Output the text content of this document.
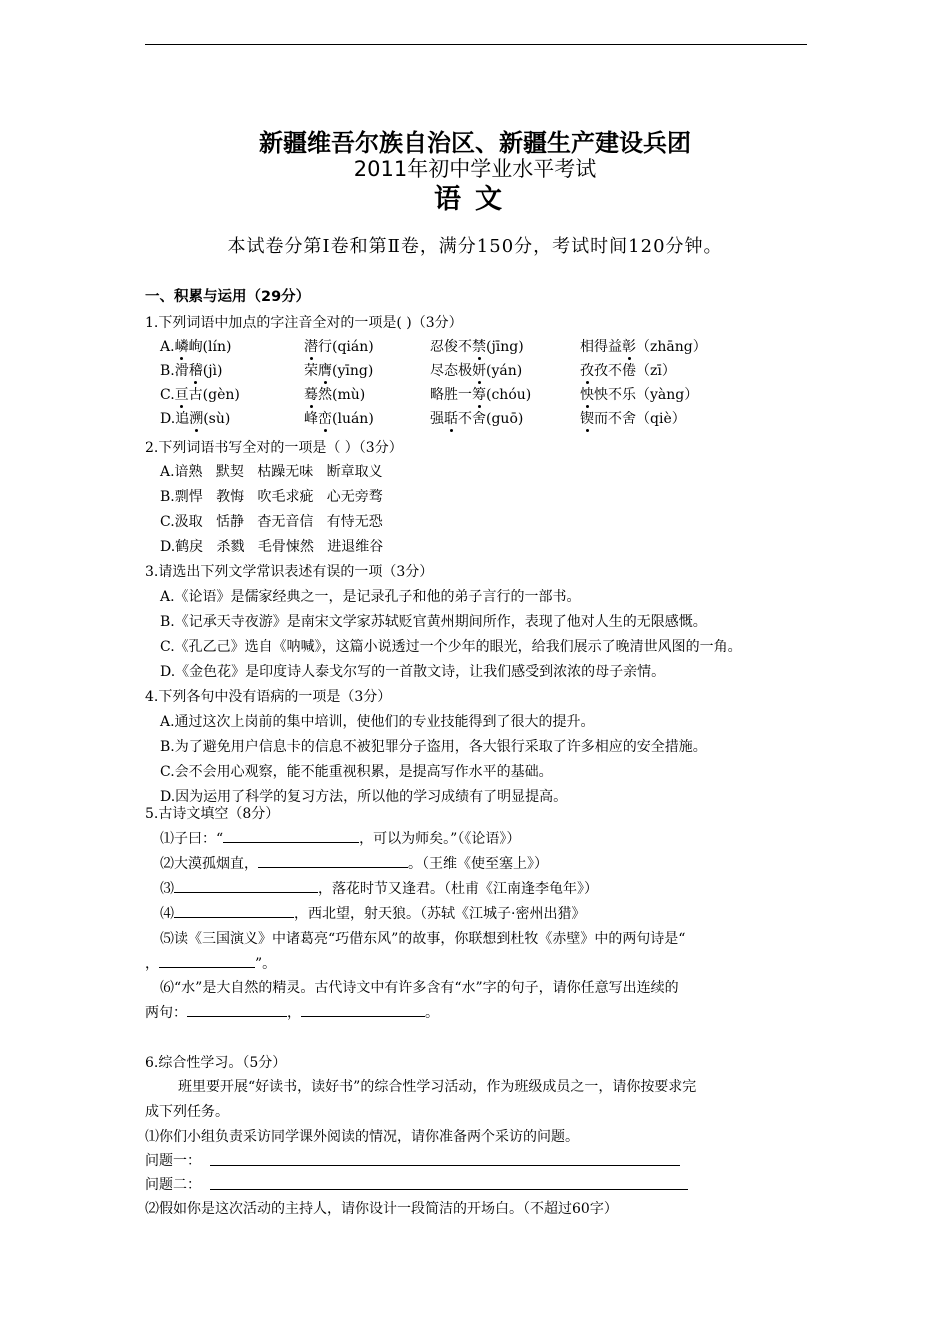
新疆维吾尔族自治区、新疆生产建设兵团
2011年初中学业水平考试
语文
本试卷分第Ⅰ卷和第Ⅱ卷，满分150分，考试时间120分钟。
一、积累与运用（29分）
1.下列词语中加点的字注音全对的一项是( )（3分）
A.嶙峋(lín)	潜行(qián)	忍俊不禁(jīng)	相得益彰（zhāng）
B.滑稽(jì)	荣膺(yīng)	尽态极妍(yán)	孜孜不倦（zī）
C.亘古(gèn)	蓦然(mù)	略胜一筹(chóu)	怏怏不乐（yàng）
D.追溯(sù)	峰峦(luán)	强聒不舍(guō)	锲而不舍（qiè）
2.下列词语书写全对的一项是（ ）（3分）
A.谙熟   默契   枯躁无味   断章取义
B.剽悍   教悔   吹毛求疵   心无旁骛
C.汲取   恬静   杳无音信   有恃无恐
D.鹤戾   杀戮   毛骨悚然   进退维谷
3.请选出下列文学常识表述有误的一项（3分）
A.《论语》是儒家经典之一，是记录孔子和他的弟子言行的一部书。
B.《记承天寺夜游》是南宋文学家苏轼贬官黄州期间所作，表现了他对人生的无限感慨。
C.《孔乙己》选自《呐喊》，这篇小说透过一个少年的眼光，给我们展示了晚清世风图的一角。
D.《金色花》是印度诗人泰戈尔写的一首散文诗，让我们感受到浓浓的母子亲情。
4.下列各句中没有语病的一项是（3分）
A.通过这次上岗前的集中培训，使他们的专业技能得到了很大的提升。
B.为了避免用户信息卡的信息不被犯罪分子盗用，各大银行采取了许多相应的安全措施。
C.会不会用心观察，能不能重视积累，是提高写作水平的基础。
D.因为运用了科学的复习方法，所以他的学习成绩有了明显提高。
5.古诗文填空（8分）
⑴子曰：“	，可以为师矣。”（《论语》）
⑵大漠孤烟直，	。（王维《使至塞上》）
⑶	，落花时节又逢君。（杜甫《江南逢李龟年》）
⑷	，西北望，射天狼。（苏轼《江城子·密州出猎》
⑸读《三国演义》中诸葛亮“巧借东风”的故事，你联想到杜牧《赤壁》中的两句诗是“
，	”。
⑹“水”是大自然的精灵。古代诗文中有许多含有“水”字的句子，请你任意写出连续的
两句：	，	。
6.综合性学习。（5分）
班里要开展“好读书，读好书”的综合性学习活动，作为班级成员之一，请你按要求完
成下列任务。
⑴你们小组负责采访同学课外阅读的情况，请你准备两个采访的问题。
问题一：
问题二：
⑵假如你是这次活动的主持人，请你设计一段简洁的开场白。（不超过60字）
